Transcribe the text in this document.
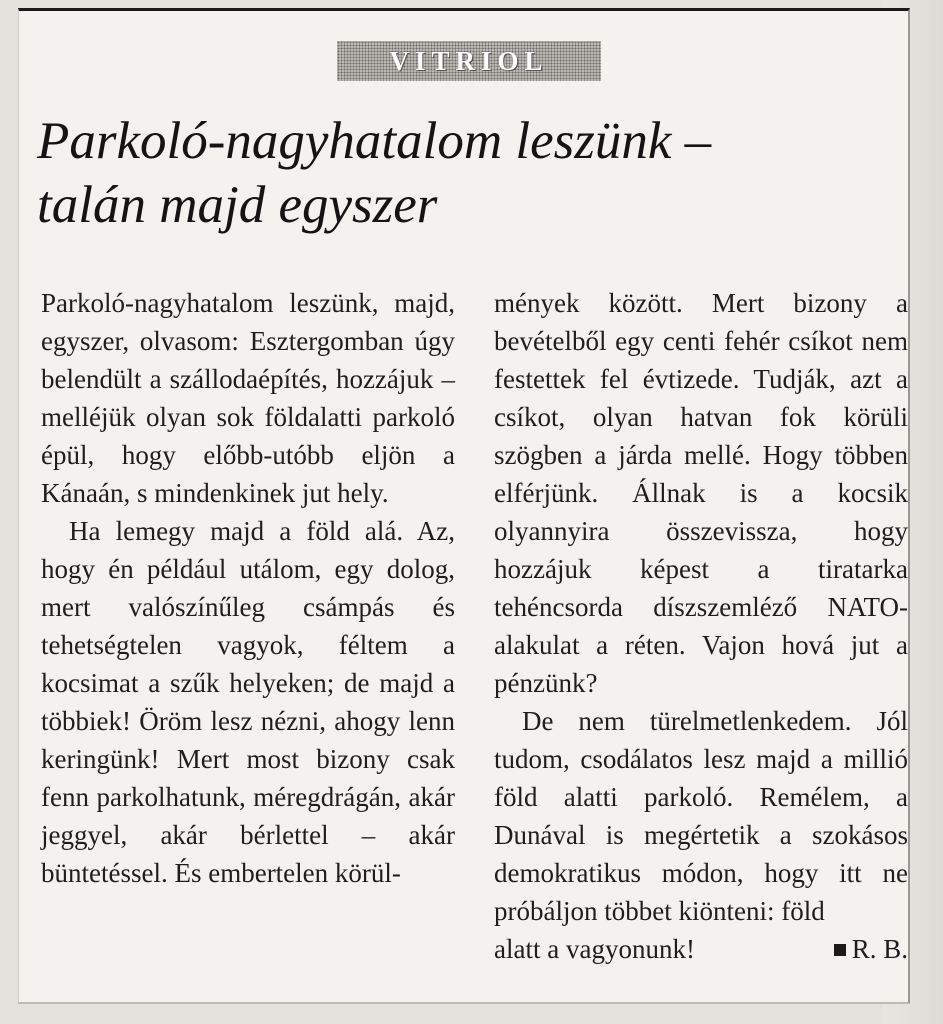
VITRIOL
Parkoló-nagyhatalom leszünk –
talán majd egyszer

Parkoló-nagyhatalom leszünk, majd, egyszer, olvasom: Esztergomban úgy belendült a szállodaépítés, hozzájuk – melléjük olyan sok földalatti parkoló épül, hogy előbb-utóbb eljön a Kánaán, s mindenkinek jut hely.

Ha lemegy majd a föld alá. Az, hogy én például utálom, egy dolog, mert valószínűleg csámpás és tehetségtelen vagyok, féltem a kocsimat a szűk helyeken; de majd a többiek! Öröm lesz nézni, ahogy lenn keringünk! Mert most bizony csak fenn parkolhatunk, méregdrágán, akár jeggyel, akár bérlettel – akár büntetéssel. És embertelen körül-

mények között. Mert bizony a bevételből egy centi fehér csíkot nem festettek fel évtizede. Tudják, azt a csíkot, olyan hatvan fok körüli szögben a járda mellé. Hogy többen elférjünk. Állnak is a kocsik olyannyira összevissza, hogy hozzájuk képest a tiratarka tehéncsorda díszszemléző NATO-alakulat a réten. Vajon hová jut a pénzünk?

De nem türelmetlenkedem. Jól tudom, csodálatos lesz majd a millió föld alatti parkoló. Remélem, a Dunával is megértetik a szokásos demokratikus módon, hogy itt ne próbáljon többet kiönteni: föld

alatt a vagyonunk!	R. B.
